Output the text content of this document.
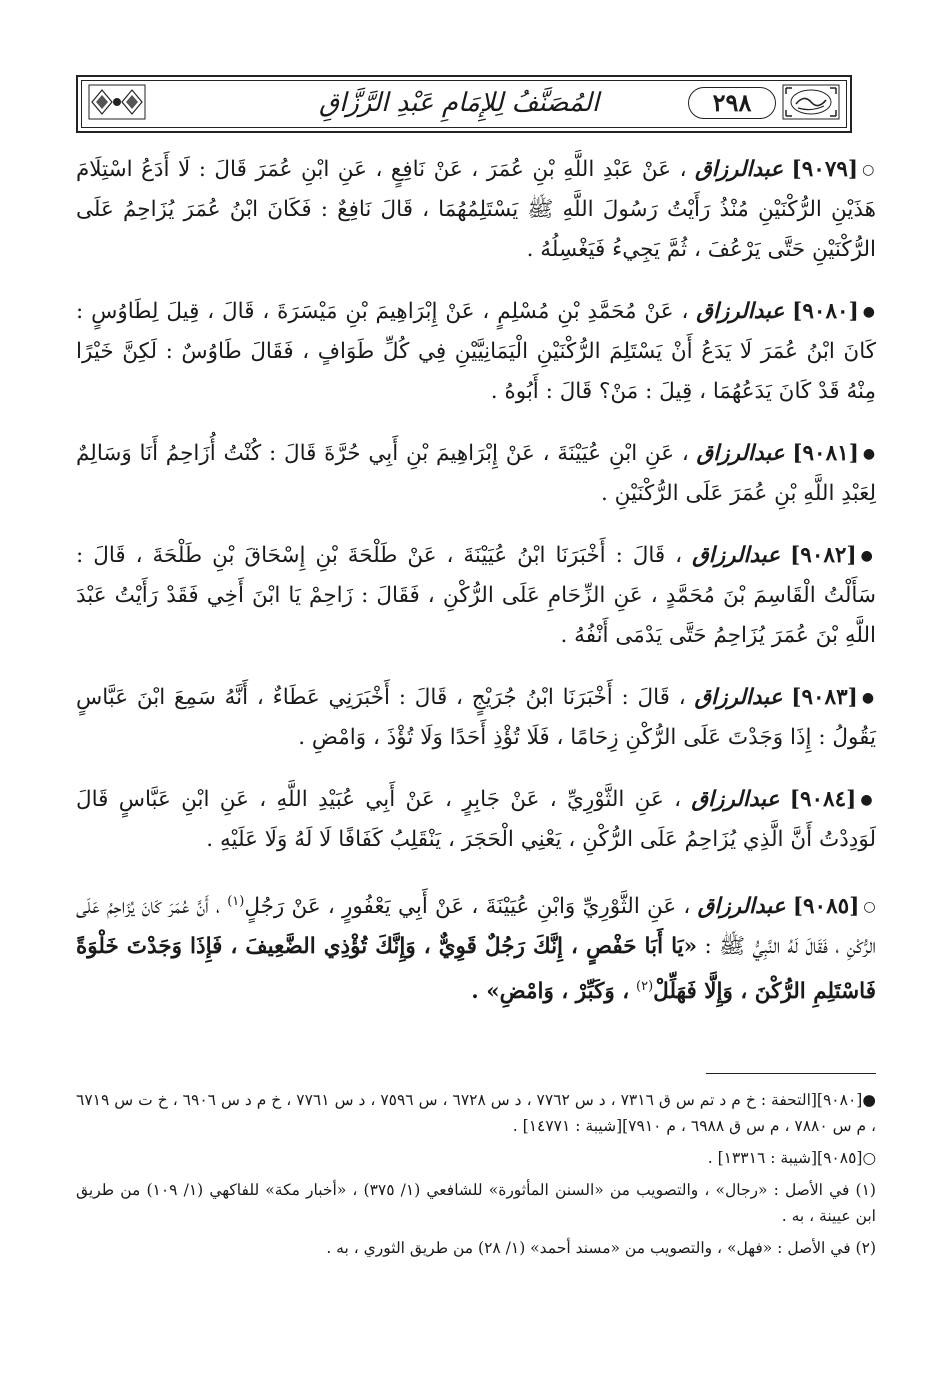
٢٩٨
المُصَنَّفُ لِلإِمَامِ عَبْدِ الرَّزَّاقِ

○[٩٠٧٩] عبدالرزاق ، عَنْ عَبْدِ اللَّهِ بْنِ عُمَرَ ، عَنْ نَافِعٍ ، عَنِ ابْنِ عُمَرَ قَالَ : لَا أَدَعُ اسْتِلَامَ هَذَيْنِ الرُّكْنَيْنِ مُنْذُ رَأَيْتُ رَسُولَ اللَّهِ ﷺ يَسْتَلِمُهُمَا ، قَالَ نَافِعٌ : فَكَانَ ابْنُ عُمَرَ يُزَاحِمُ عَلَى الرُّكْنَيْنِ حَتَّى يَرْعُفَ ، ثُمَّ يَجِيءُ فَيَغْسِلُهُ .

●[٩٠٨٠] عبدالرزاق ، عَنْ مُحَمَّدِ بْنِ مُسْلِمٍ ، عَنْ إِبْرَاهِيمَ بْنِ مَيْسَرَةَ ، قَالَ ، قِيلَ لِطَاوُسٍ : كَانَ ابْنُ عُمَرَ لَا يَدَعُ أَنْ يَسْتَلِمَ الرُّكْنَيْنِ الْيَمَانِيَّيْنِ فِي كُلِّ طَوَافٍ ، فَقَالَ طَاوُسٌ : لَكِنَّ خَيْرًا مِنْهُ قَدْ كَانَ يَدَعُهُمَا ، قِيلَ : مَنْ؟ قَالَ : أَبُوهُ .

●[٩٠٨١] عبدالرزاق ، عَنِ ابْنِ عُيَيْنَةَ ، عَنْ إِبْرَاهِيمَ بْنِ أَبِي حُرَّةَ قَالَ : كُنْتُ أُزَاحِمُ أَنَا وَسَالِمٌ لِعَبْدِ اللَّهِ بْنِ عُمَرَ عَلَى الرُّكْنَيْنِ .

●[٩٠٨٢] عبدالرزاق ، قَالَ : أَخْبَرَنَا ابْنُ عُيَيْنَةَ ، عَنْ طَلْحَةَ بْنِ إِسْحَاقَ بْنِ طَلْحَةَ ، قَالَ : سَأَلْتُ الْقَاسِمَ بْنَ مُحَمَّدٍ ، عَنِ الزِّحَامِ عَلَى الرُّكْنِ ، فَقَالَ : زَاحِمْ يَا ابْنَ أَخِي فَقَدْ رَأَيْتُ عَبْدَ اللَّهِ بْنَ عُمَرَ يُزَاحِمُ حَتَّى يَدْمَى أَنْفُهُ .

●[٩٠٨٣] عبدالرزاق ، قَالَ : أَخْبَرَنَا ابْنُ جُرَيْجٍ ، قَالَ : أَخْبَرَنِي عَطَاءٌ ، أَنَّهُ سَمِعَ ابْنَ عَبَّاسٍ يَقُولُ : إِذَا وَجَدْتَ عَلَى الرُّكْنِ زِحَامًا ، فَلَا تُؤْذِ أَحَدًا وَلَا تُؤْذَ ، وَامْضِ .

●[٩٠٨٤] عبدالرزاق ، عَنِ الثَّوْرِيِّ ، عَنْ جَابِرٍ ، عَنْ أَبِي عُبَيْدِ اللَّهِ ، عَنِ ابْنِ عَبَّاسٍ قَالَ لَوَدِدْتُ أَنَّ الَّذِي يُزَاحِمُ عَلَى الرُّكْنِ ، يَعْنِي الْحَجَرَ ، يَنْقَلِبُ كَفَافًا لَا لَهُ وَلَا عَلَيْهِ .

○[٩٠٨٥] عبدالرزاق ، عَنِ الثَّوْرِيِّ وَابْنِ عُيَيْنَةَ ، عَنْ أَبِي يَعْفُورٍ ، عَنْ رَجُلٍ$^{(١)}$ ، أَنَّ عُمَرَ كَانَ يُزَاحِمُ عَلَى الرُّكْنِ ، فَقَالَ لَهُ النَّبِيُّ ﷺ : «يَا أَبَا حَفْصٍ ، إِنَّكَ رَجُلٌ قَوِيٌّ ، وَإِنَّكَ تُؤْذِي الضَّعِيفَ ، فَإِذَا وَجَدْتَ خَلْوَةً فَاسْتَلِمِ الرُّكْنَ ، وَإِلَّا فَهَلِّلْ$^{(٢)}$ ، وَكَبِّرْ ، وَامْضِ» .

●[٩٠٨٠][التحفة : خ م د تم س ق ٧٣١٦ ، د س ٧٧٦٢ ، د س ٦٧٢٨ ، س ٧٥٩٦ ، د س ٧٧٦١ ، خ م د س ٦٩٠٦ ، خ ت س ٦٧١٩ ، م س ٧٨٨٠ ، م س ق ٦٩٨٨ ، م ٧٩١٠][شيبة : ١٤٧٧١] .

○[٩٠٨٥][شيبة : ١٣٣١٦] .

(١) في الأصل : «رجال» ، والتصويب من «السنن المأثورة» للشافعي (١/ ٣٧٥) ، «أخبار مكة» للفاكهي (١/ ١٠٩) من طريق ابن عيينة ، به .

(٢) في الأصل : «فهل» ، والتصويب من «مسند أحمد» (١/ ٢٨) من طريق الثوري ، به .
